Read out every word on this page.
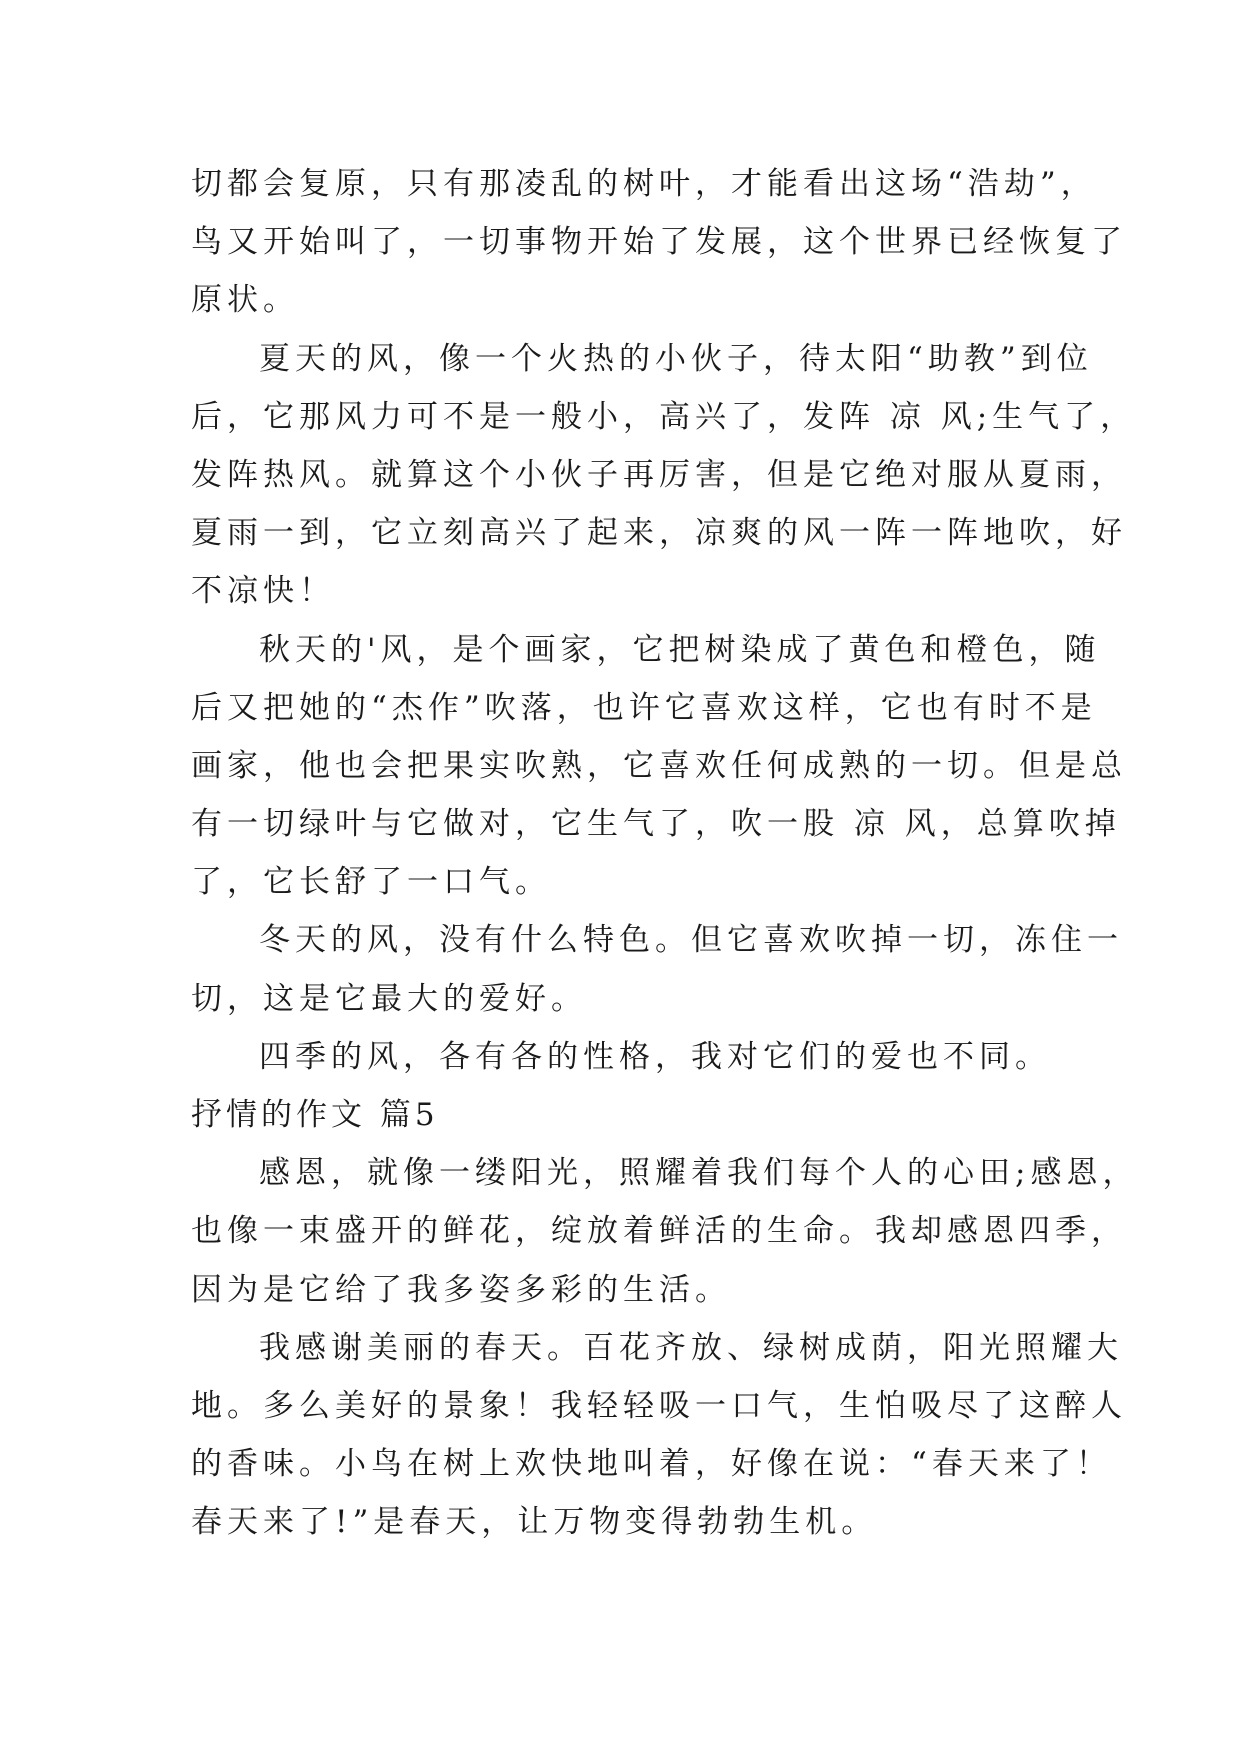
切都会复原，只有那凌乱的树叶，才能看出这场“浩劫”，
鸟又开始叫了，一切事物开始了发展，这个世界已经恢复了
原状。
夏天的风，像一个火热的小伙子，待太阳“助教”到位
后，它那风力可不是一般小，高兴了，发阵 凉 风;生气了，
发阵热风。就算这个小伙子再厉害，但是它绝对服从夏雨，
夏雨一到，它立刻高兴了起来，凉爽的风一阵一阵地吹，好
不凉快！
秋天的'风，是个画家，它把树染成了黄色和橙色，随
后又把她的“杰作”吹落，也许它喜欢这样，它也有时不是
画家，他也会把果实吹熟，它喜欢任何成熟的一切。但是总
有一切绿叶与它做对，它生气了，吹一股 凉 风，总算吹掉
了，它长舒了一口气。
冬天的风，没有什么特色。但它喜欢吹掉一切，冻住一
切，这是它最大的爱好。
四季的风，各有各的性格，我对它们的爱也不同。
抒情的作文 篇5
感恩，就像一缕阳光，照耀着我们每个人的心田;感恩，
也像一束盛开的鲜花，绽放着鲜活的生命。我却感恩四季，
因为是它给了我多姿多彩的生活。
我感谢美丽的春天。百花齐放、绿树成荫，阳光照耀大
地。多么美好的景象！我轻轻吸一口气，生怕吸尽了这醉人
的香味。小鸟在树上欢快地叫着，好像在说：“春天来了！
春天来了!”是春天，让万物变得勃勃生机。
